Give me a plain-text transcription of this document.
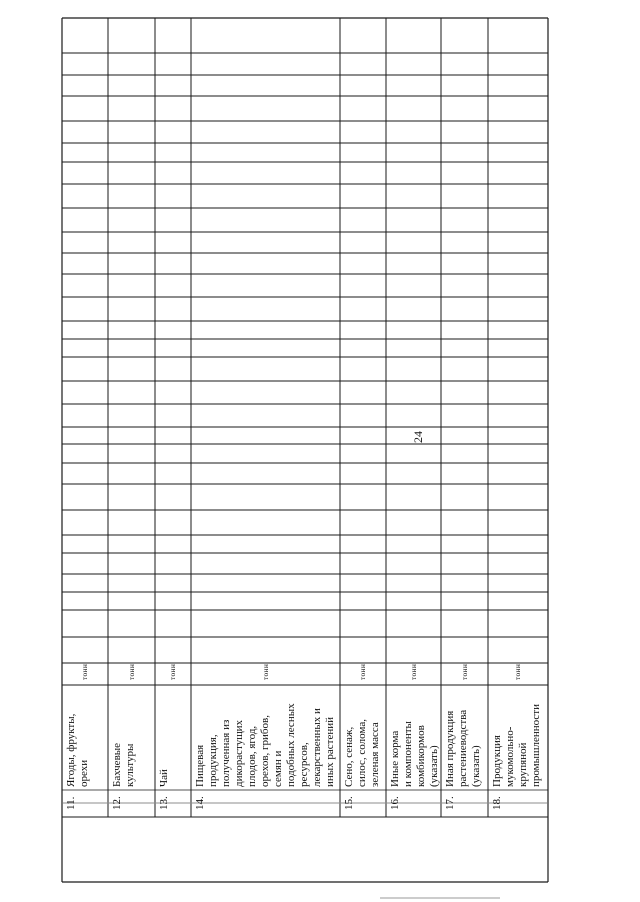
24
11.
тонн
Ягоды, фрукты, орехи
12.
тонн
Бахчевые культуры
13.
тонн
Чай
14.
тонн
Пищевая продукция, полученная из дикорастущих плодов, ягод, орехов, грибов, семян и подобных лесных ресурсов, лекарственных и иных растений
15.
тонн
Сено, сенаж, силос, солома, зеленая масса
16.
тонн
Иные корма и компоненты комбикормов (указать)
17.
тонн
Иная продукция растениеводства (указать)
18.
тонн
Продукция мукомольно- крупяной промышленности
